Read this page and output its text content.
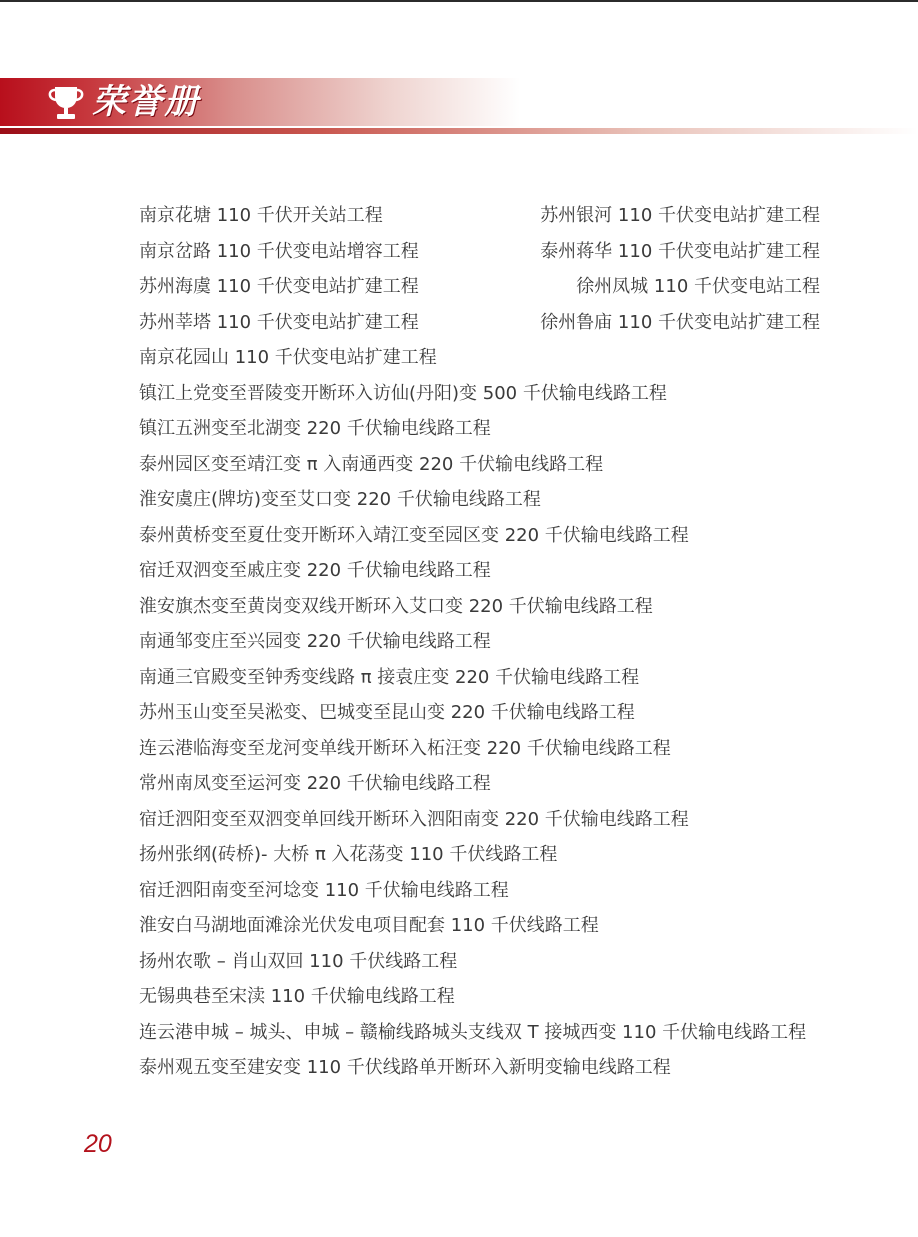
荣誉册
南京花塘 110 千伏开关站工程	苏州银河 110 千伏变电站扩建工程
南京岔路 110 千伏变电站增容工程	泰州蒋华 110 千伏变电站扩建工程
苏州海虞 110 千伏变电站扩建工程	徐州凤城 110 千伏变电站工程
苏州莘塔 110 千伏变电站扩建工程	徐州鲁庙 110 千伏变电站扩建工程
南京花园山 110 千伏变电站扩建工程
镇江上党变至晋陵变开断环入访仙(丹阳)变 500 千伏输电线路工程
镇江五洲变至北湖变 220 千伏输电线路工程
泰州园区变至靖江变 π 入南通西变 220 千伏输电线路工程
淮安虞庄(牌坊)变至艾口变 220 千伏输电线路工程
泰州黄桥变至夏仕变开断环入靖江变至园区变 220 千伏输电线路工程
宿迁双泗变至戚庄变 220 千伏输电线路工程
淮安旗杰变至黄岗变双线开断环入艾口变 220 千伏输电线路工程
南通邹变庄至兴园变 220 千伏输电线路工程
南通三官殿变至钟秀变线路 π 接袁庄变 220 千伏输电线路工程
苏州玉山变至吴淞变、巴城变至昆山变 220 千伏输电线路工程
连云港临海变至龙河变单线开断环入柘汪变 220 千伏输电线路工程
常州南凤变至运河变 220 千伏输电线路工程
宿迁泗阳变至双泗变单回线开断环入泗阳南变 220 千伏输电线路工程
扬州张纲(砖桥)- 大桥 π 入花荡变 110 千伏线路工程
宿迁泗阳南变至河埝变 110 千伏输电线路工程
淮安白马湖地面滩涂光伏发电项目配套 110 千伏线路工程
扬州农歌 – 肖山双回 110 千伏线路工程
无锡典巷至宋渎 110 千伏输电线路工程
连云港申城 – 城头、申城 – 赣榆线路城头支线双 T 接城西变 110 千伏输电线路工程
泰州观五变至建安变 110 千伏线路单开断环入新明变输电线路工程
20
